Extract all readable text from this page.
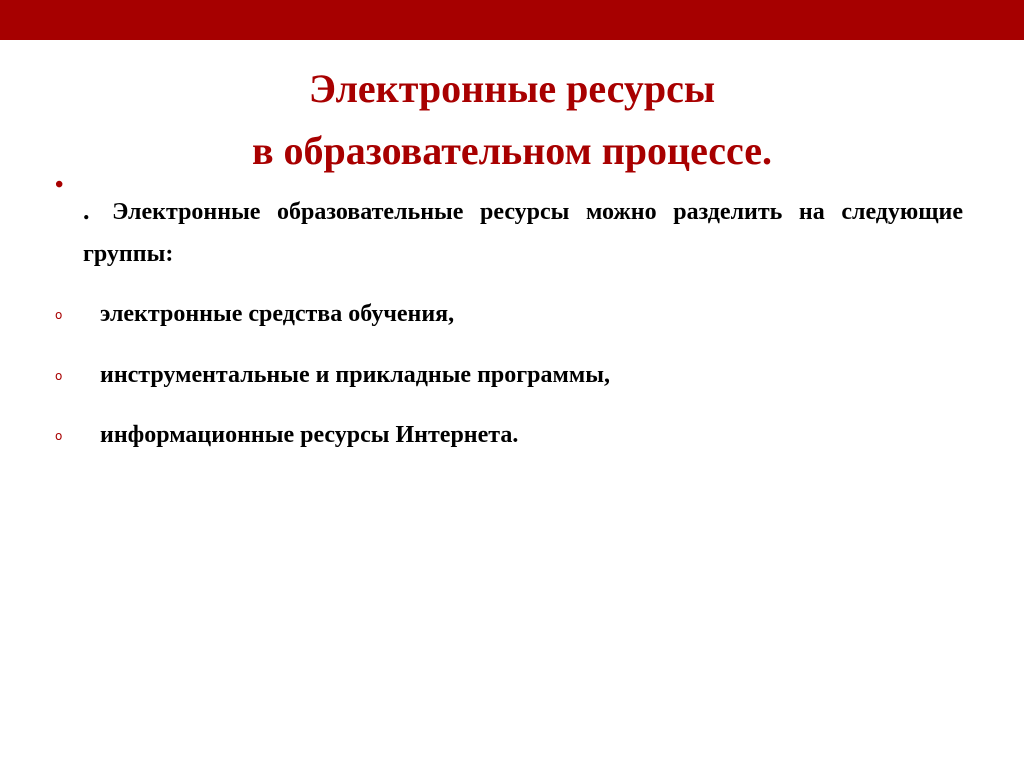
Электронные ресурсы
в образовательном процессе.
•
. Электронные образовательные ресурсы можно разделить на следующие группы:
o электронные средства обучения,
o инструментальные и прикладные программы,
o информационные ресурсы Интернета.
